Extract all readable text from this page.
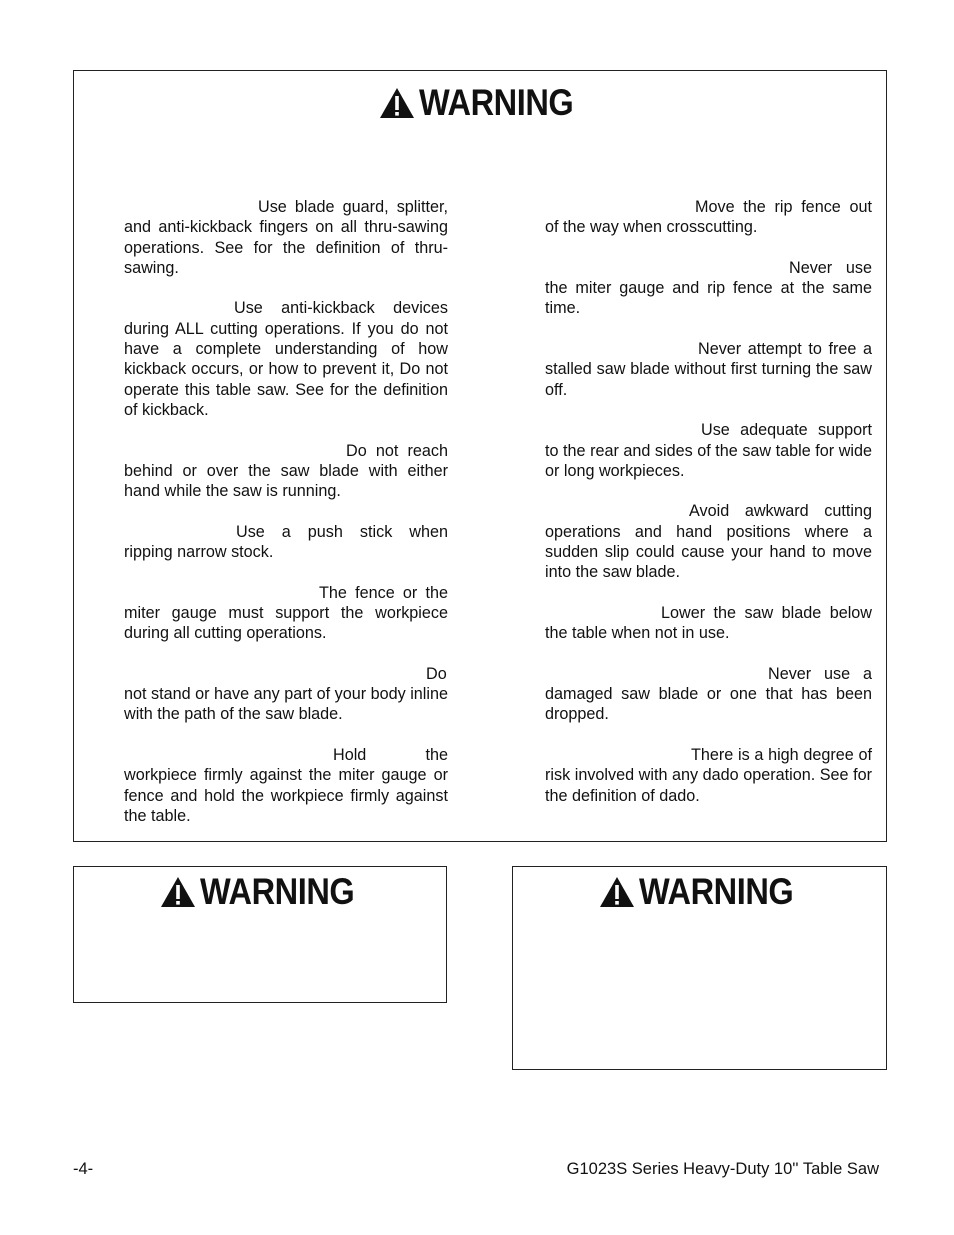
WARNING

Use blade guard, splitter, and anti-kickback fingers on all thru-sawing operations. See for the definition of thru-sawing.

Use anti-kickback devices during ALL cutting operations. If you do not have a complete understanding of how kickback occurs, or how to prevent it, Do not operate this table saw. See for the definition of kickback.

Do not reach behind or over the saw blade with either hand while the saw is running.

Use a push stick when ripping narrow stock.

The fence or the miter gauge must support the workpiece during all cutting operations.

Do not stand or have any part of your body inline with the path of the saw blade.

Hold the workpiece firmly against the miter gauge or fence and hold the workpiece firmly against the table.

Move the rip fence out of the way when crosscutting.

Never use the miter gauge and rip fence at the same time.

Never attempt to free a stalled saw blade without first turning the saw off.

Use adequate support to the rear and sides of the saw table for wide or long workpieces.

Avoid awkward cutting operations and hand positions where a sudden slip could cause your hand to move into the saw blade.

Lower the saw blade below the table when not in use.

Never use a damaged saw blade or one that has been dropped.

There is a high degree of risk involved with any dado operation. See for the definition of dado.

WARNING	WARNING
-4-	G1023S Series Heavy-Duty 10'' Table Saw
